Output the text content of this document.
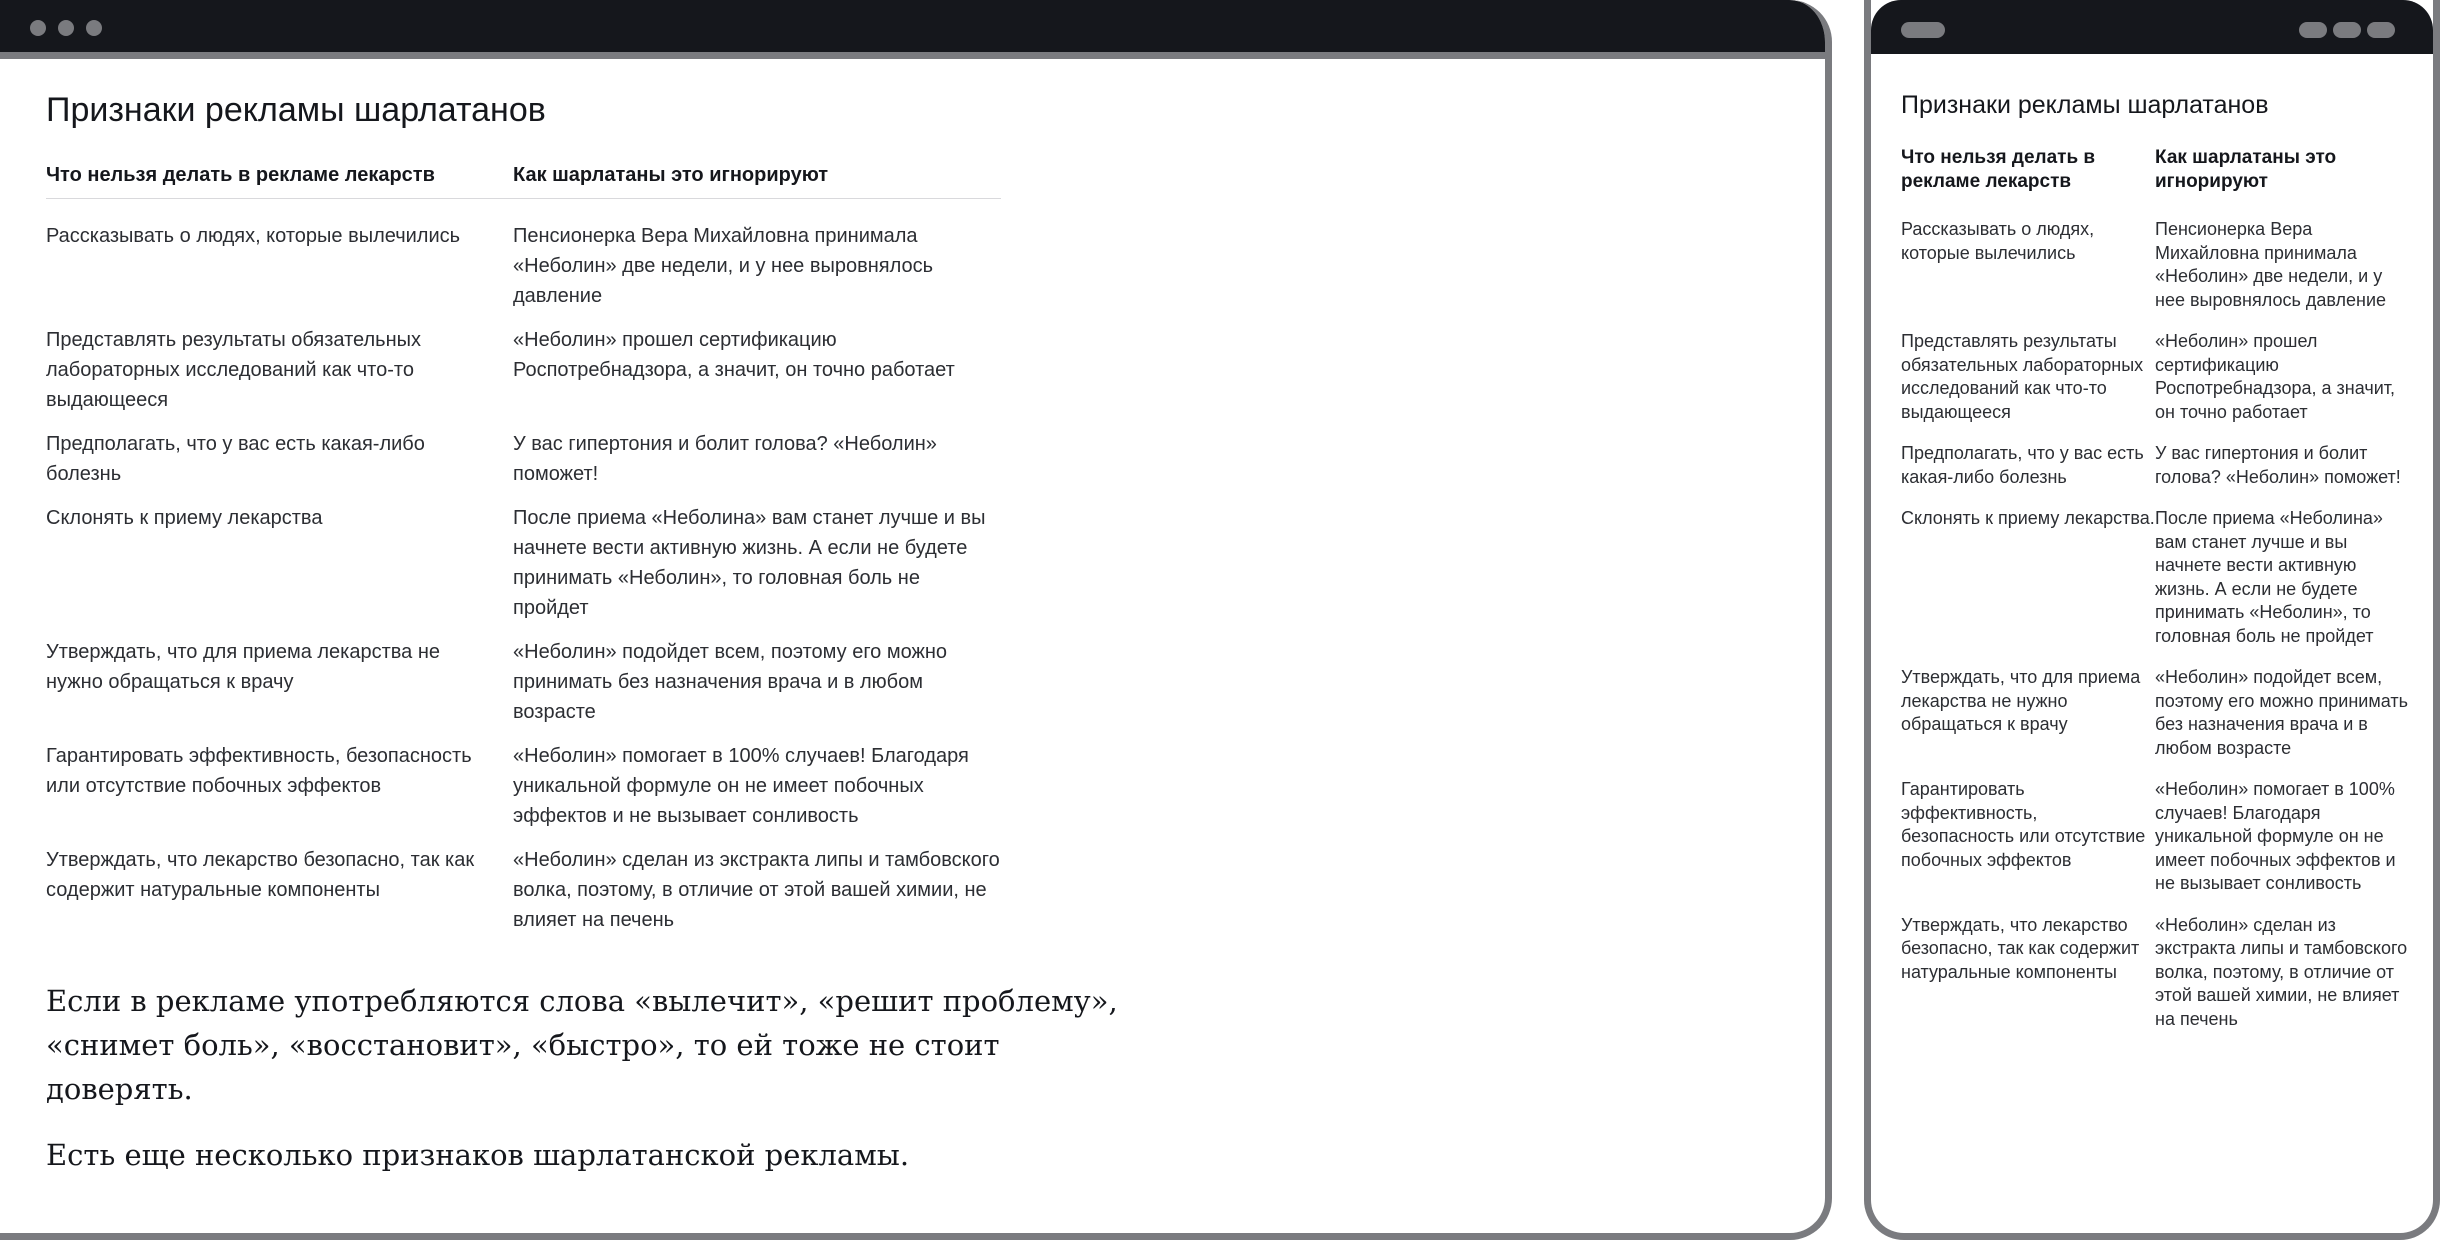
Признаки рекламы шарлатанов
Что нельзя делать в рекламе лекарств	Как шарлатаны это игнорируют
Рассказывать о людях, которые вылечились	Пенсионерка Вера Михайловна принимала «Неболин» две недели, и у нее выровнялось давление
Представлять результаты обязательных лабораторных исследований как что-то выдающееся	«Неболин» прошел сертификацию Роспотребнадзора, а значит, он точно работает
Предполагать, что у вас есть какая-либо болезнь	У вас гипертония и болит голова? «Неболин» поможет!
Склонять к приему лекарства	После приема «Неболина» вам станет лучше и вы начнете вести активную жизнь. А если не будете принимать «Неболин», то головная боль не пройдет
Утверждать, что для приема лекарства не нужно обращаться к врачу	«Неболин» подойдет всем, поэтому его можно принимать без назначения врача и в любом возрасте
Гарантировать эффективность, безопасность или отсутствие побочных эффектов	«Неболин» помогает в 100% случаев! Благодаря уникальной формуле он не имеет побочных эффектов и не вызывает сонливость
Утверждать, что лекарство безопасно, так как содержит натуральные компоненты	«Неболин» сделан из экстракта липы и тамбовского волка, поэтому, в отличие от этой вашей химии, не влияет на печень

Если в рекламе употребляются слова «вылечит», «решит проблему», «снимет боль», «восстановит», «быстро», то ей тоже не стоит доверять.

Есть еще несколько признаков шарлатанской рекламы.

Признаки рекламы шарлатанов
Что нельзя делать в рекламе лекарств	Как шарлатаны это игнорируют
Рассказывать о людях, которые вылечились	Пенсионерка Вера Михайловна принимала «Неболин» две недели, и у нее выровнялось давление
Представлять результаты обязательных лабораторных исследований как что-то выдающееся	«Неболин» прошел сертификацию Роспотребнадзора, а значит, он точно работает
Предполагать, что у вас есть какая-либо болезнь	У вас гипертония и болит голова? «Неболин» поможет!
Склонять к приему лекарства.	После приема «Неболина» вам станет лучше и вы начнете вести активную жизнь. А если не будете принимать «Неболин», то головная боль не пройдет
Утверждать, что для приема лекарства не нужно обращаться к врачу	«Неболин» подойдет всем, поэтому его можно принимать без назначения врача и в любом возрасте
Гарантировать эффективность, безопасность или отсутствие побочных эффектов	«Неболин» помогает в 100% случаев! Благодаря уникальной формуле он не имеет побочных эффектов и не вызывает сонливость
Утверждать, что лекарство безопасно, так как содержит натуральные компоненты	«Неболин» сделан из экстракта липы и тамбовского волка, поэтому, в отличие от этой вашей химии, не влияет на печень
